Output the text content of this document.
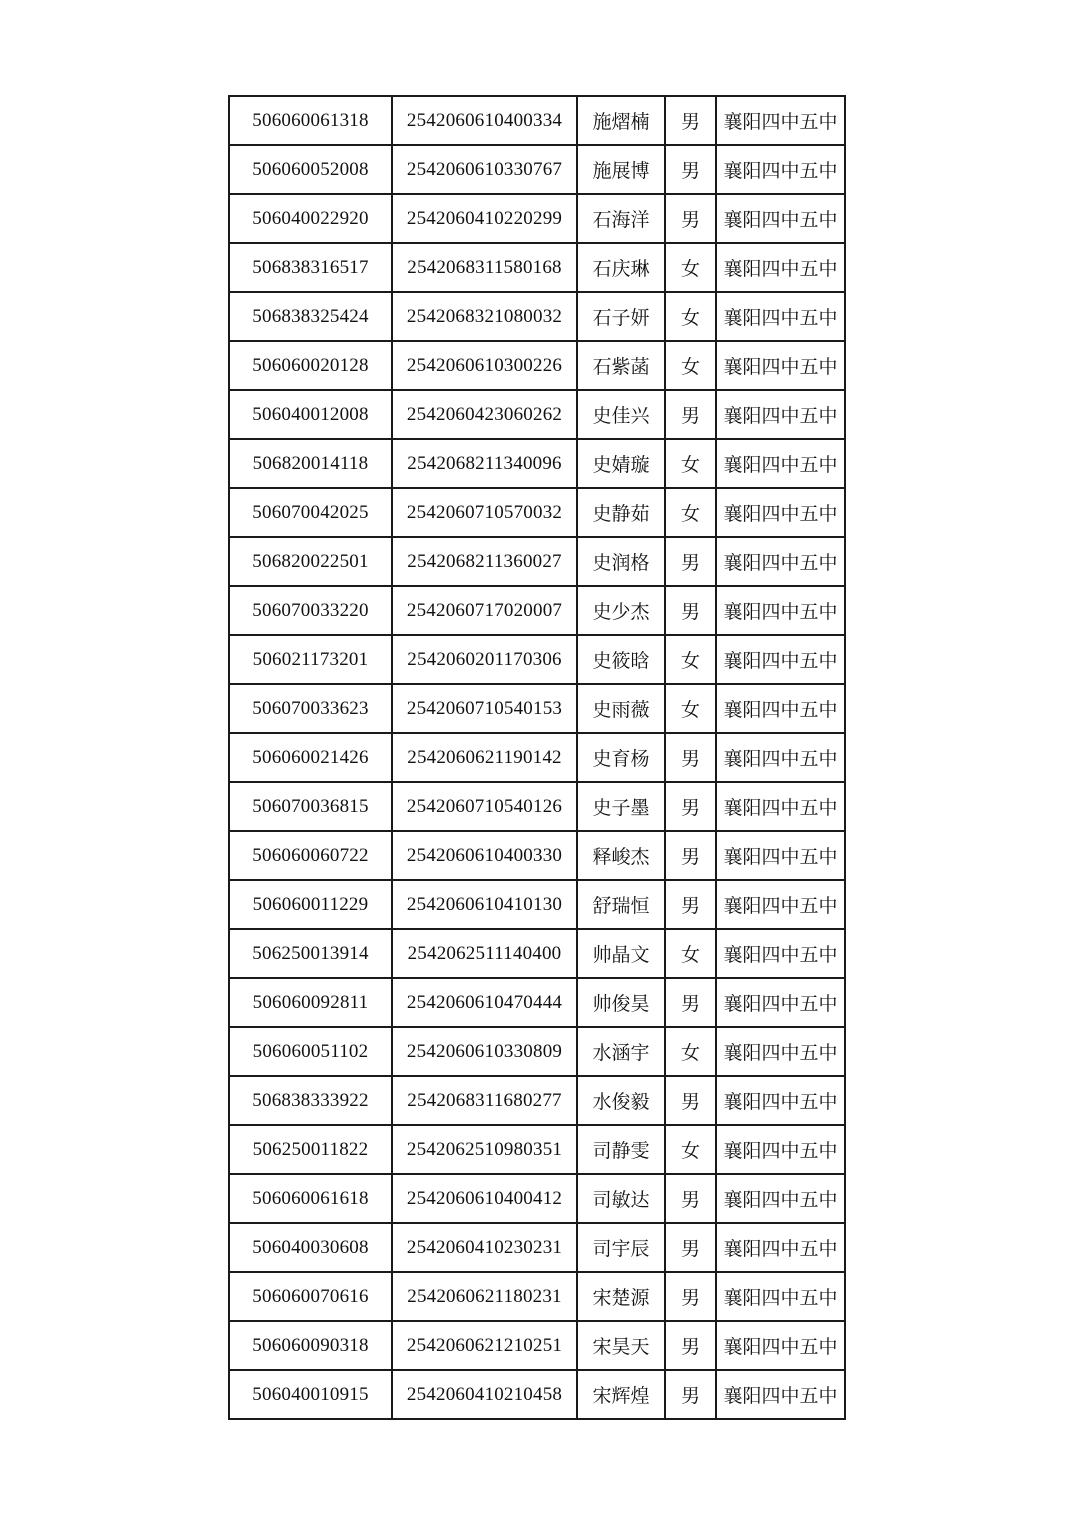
506060061318	2542060610400334	施熠楠	男	襄阳四中五中
506060052008	2542060610330767	施展博	男	襄阳四中五中
506040022920	2542060410220299	石海洋	男	襄阳四中五中
506838316517	2542068311580168	石庆琳	女	襄阳四中五中
506838325424	2542068321080032	石子妍	女	襄阳四中五中
506060020128	2542060610300226	石紫菡	女	襄阳四中五中
506040012008	2542060423060262	史佳兴	男	襄阳四中五中
506820014118	2542068211340096	史婧璇	女	襄阳四中五中
506070042025	2542060710570032	史静茹	女	襄阳四中五中
506820022501	2542068211360027	史润格	男	襄阳四中五中
506070033220	2542060717020007	史少杰	男	襄阳四中五中
506021173201	2542060201170306	史筱晗	女	襄阳四中五中
506070033623	2542060710540153	史雨薇	女	襄阳四中五中
506060021426	2542060621190142	史育杨	男	襄阳四中五中
506070036815	2542060710540126	史子墨	男	襄阳四中五中
506060060722	2542060610400330	释峻杰	男	襄阳四中五中
506060011229	2542060610410130	舒瑞恒	男	襄阳四中五中
506250013914	2542062511140400	帅晶文	女	襄阳四中五中
506060092811	2542060610470444	帅俊昊	男	襄阳四中五中
506060051102	2542060610330809	水涵宇	女	襄阳四中五中
506838333922	2542068311680277	水俊毅	男	襄阳四中五中
506250011822	2542062510980351	司静雯	女	襄阳四中五中
506060061618	2542060610400412	司敏达	男	襄阳四中五中
506040030608	2542060410230231	司宇辰	男	襄阳四中五中
506060070616	2542060621180231	宋楚源	男	襄阳四中五中
506060090318	2542060621210251	宋昊天	男	襄阳四中五中
506040010915	2542060410210458	宋辉煌	男	襄阳四中五中
